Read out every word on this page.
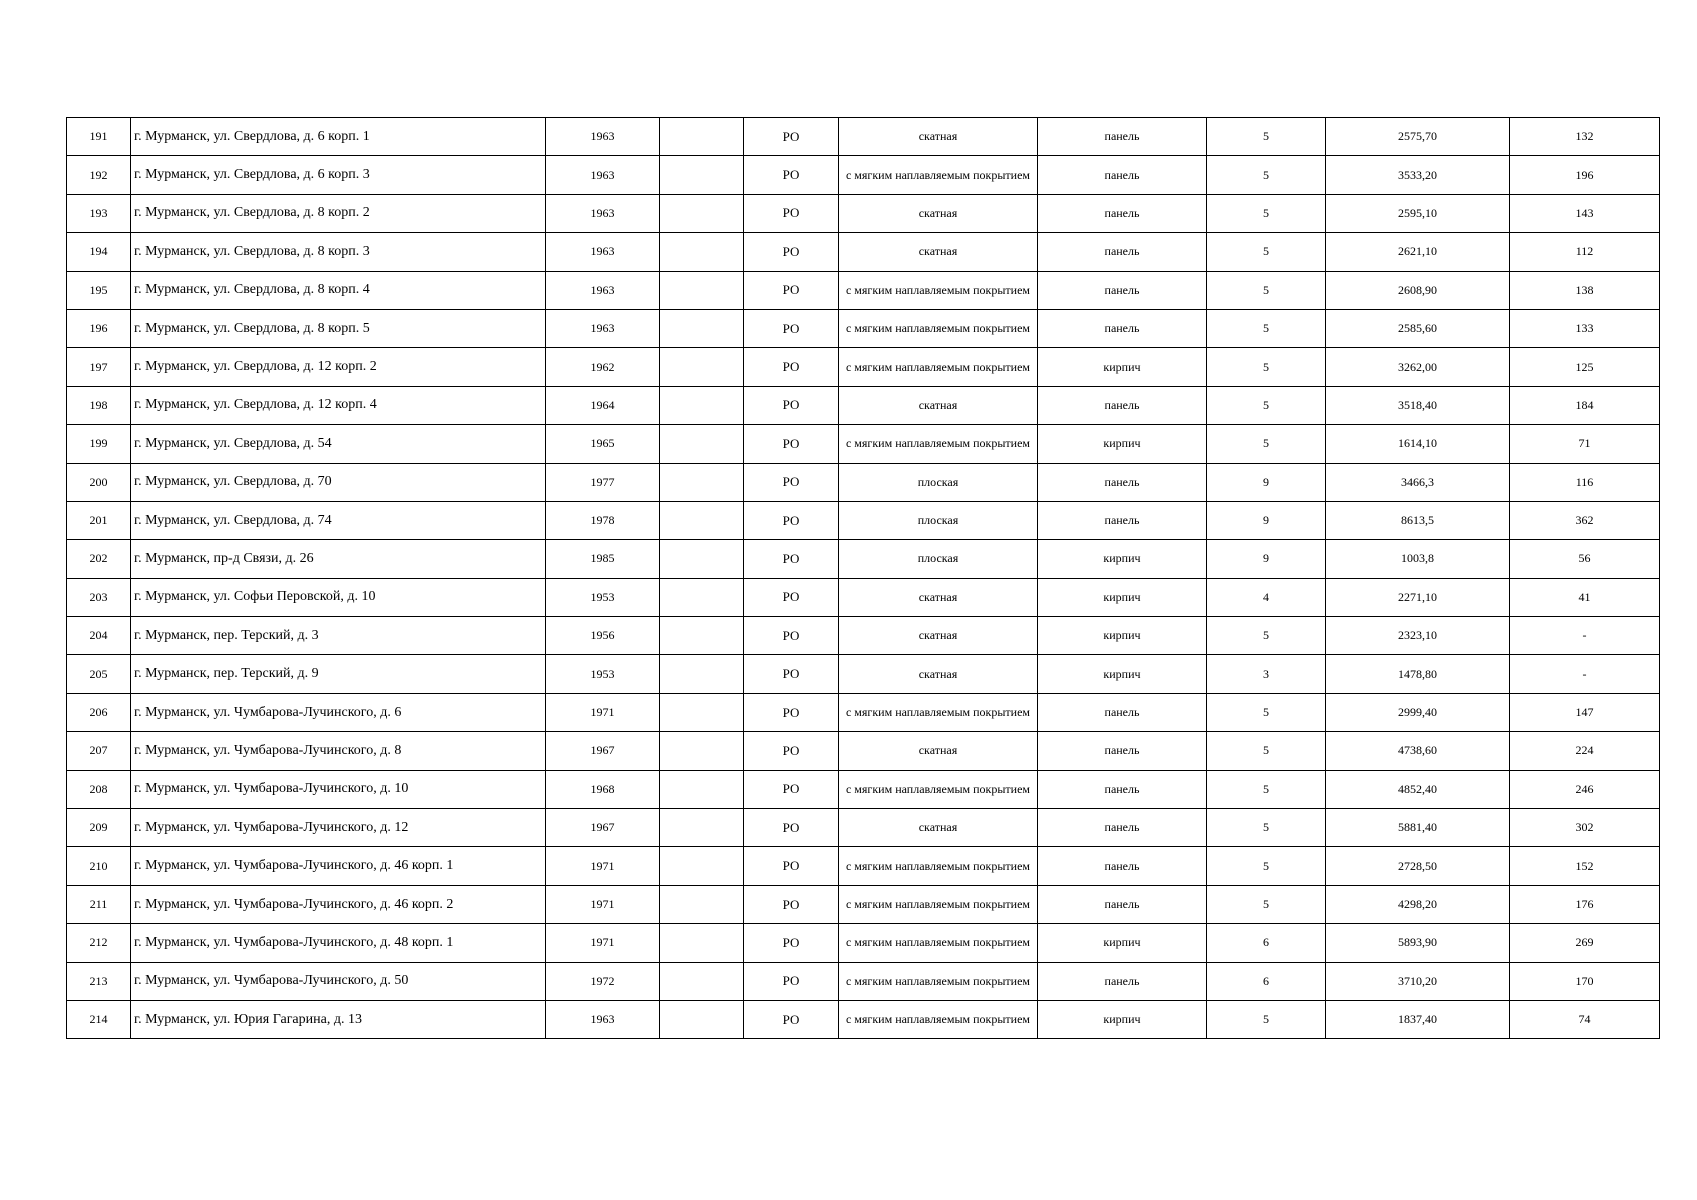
191	г. Мурманск, ул. Свердлова, д. 6 корп. 1	1963		РО	скатная	панель	5	2575,70	132
192	г. Мурманск, ул. Свердлова, д. 6 корп. 3	1963		РО	с мягким наплавляемым покрытием	панель	5	3533,20	196
193	г. Мурманск, ул. Свердлова, д. 8 корп. 2	1963		РО	скатная	панель	5	2595,10	143
194	г. Мурманск, ул. Свердлова, д. 8 корп. 3	1963		РО	скатная	панель	5	2621,10	112
195	г. Мурманск, ул. Свердлова, д. 8 корп. 4	1963		РО	с мягким наплавляемым покрытием	панель	5	2608,90	138
196	г. Мурманск, ул. Свердлова, д. 8 корп. 5	1963		РО	с мягким наплавляемым покрытием	панель	5	2585,60	133
197	г. Мурманск, ул. Свердлова, д. 12 корп. 2	1962		РО	с мягким наплавляемым покрытием	кирпич	5	3262,00	125
198	г. Мурманск, ул. Свердлова, д. 12 корп. 4	1964		РО	скатная	панель	5	3518,40	184
199	г. Мурманск, ул. Свердлова, д. 54	1965		РО	с мягким наплавляемым покрытием	кирпич	5	1614,10	71
200	г. Мурманск, ул. Свердлова, д. 70	1977		РО	плоская	панель	9	3466,3	116
201	г. Мурманск, ул. Свердлова, д. 74	1978		РО	плоская	панель	9	8613,5	362
202	г. Мурманск, пр-д Связи, д. 26	1985		РО	плоская	кирпич	9	1003,8	56
203	г. Мурманск, ул. Софьи Перовской, д. 10	1953		РО	скатная	кирпич	4	2271,10	41
204	г. Мурманск, пер. Терский, д. 3	1956		РО	скатная	кирпич	5	2323,10	-
205	г. Мурманск, пер. Терский, д. 9	1953		РО	скатная	кирпич	3	1478,80	-
206	г. Мурманск, ул. Чумбарова-Лучинского, д. 6	1971		РО	с мягким наплавляемым покрытием	панель	5	2999,40	147
207	г. Мурманск, ул. Чумбарова-Лучинского, д. 8	1967		РО	скатная	панель	5	4738,60	224
208	г. Мурманск, ул. Чумбарова-Лучинского, д. 10	1968		РО	с мягким наплавляемым покрытием	панель	5	4852,40	246
209	г. Мурманск, ул. Чумбарова-Лучинского, д. 12	1967		РО	скатная	панель	5	5881,40	302
210	г. Мурманск, ул. Чумбарова-Лучинского, д. 46 корп. 1	1971		РО	с мягким наплавляемым покрытием	панель	5	2728,50	152
211	г. Мурманск, ул. Чумбарова-Лучинского, д. 46 корп. 2	1971		РО	с мягким наплавляемым покрытием	панель	5	4298,20	176
212	г. Мурманск, ул. Чумбарова-Лучинского, д. 48 корп. 1	1971		РО	с мягким наплавляемым покрытием	кирпич	6	5893,90	269
213	г. Мурманск, ул. Чумбарова-Лучинского, д. 50	1972		РО	с мягким наплавляемым покрытием	панель	6	3710,20	170
214	г. Мурманск, ул. Юрия Гагарина, д. 13	1963		РО	с мягким наплавляемым покрытием	кирпич	5	1837,40	74
